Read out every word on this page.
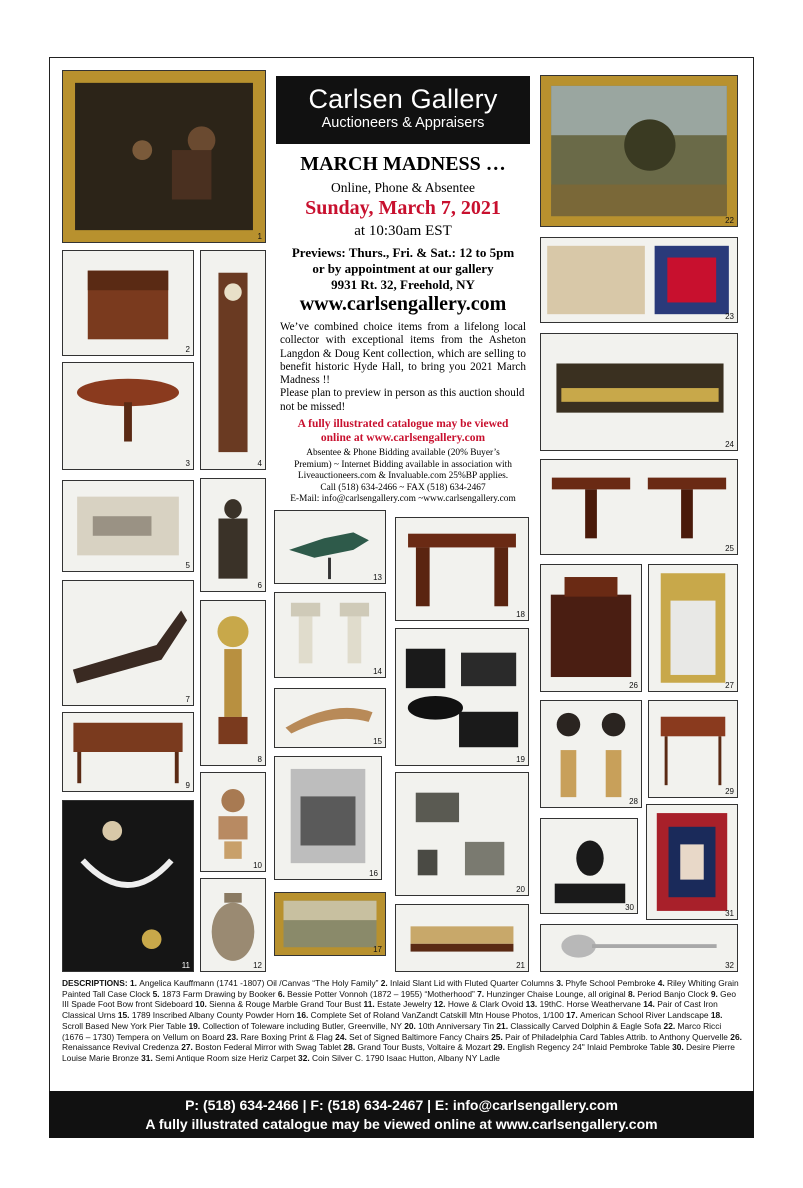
Carlsen Gallery
Auctioneers & Appraisers
MARCH MADNESS …
Online, Phone & Absentee
Sunday, March 7, 2021
at 10:30am EST
Previews: Thurs., Fri. & Sat.: 12 to 5pm
or by appointment at our gallery
9931 Rt. 32, Freehold, NY
www.carlsengallery.com

We’ve combined choice items from a lifelong local collector with exceptional items from the Asheton Langdon & Doug Kent collection, which are selling to benefit historic Hyde Hall, to bring you 2021 March Madness !!

Please plan to preview in person as this auction should not be missed!

A fully illustrated catalogue may be viewed
online at www.carlsengallery.com
Absentee & Phone Bidding available (20% Buyer’s
Premium) ~ Internet Bidding available in association with
Liveauctioneers.com & Invaluable.com 25%BP applies.
Call (518) 634-2466 ~ FAX (518) 634-2467
E-Mail: info@carlsengallery.com ~www.carlsengallery.com
1
22
2
4
3
23
24
5
6
13
18
25
7
8
14
19
26	27
15
9
28
29
16
20
10
11
30
31
12
17
21	32
DESCRIPTIONS: 1. Angelica Kauffmann (1741 -1807) Oil /Canvas “The Holy Family” 2. Inlaid Slant Lid with Fluted Quarter Columns 3. Phyfe School Pembroke 4. Riley Whiting Grain Painted Tall Case Clock 5. 1873 Farm Drawing by Booker 6. Bessie Potter Vonnoh (1872 – 1955) “Motherhood” 7. Hunzinger Chaise Lounge, all original 8. Period Banjo Clock 9. Geo III Spade Foot Bow front Sideboard 10. Sienna & Rouge Marble Grand Tour Bust 11. Estate Jewelry 12. Howe & Clark Ovoid 13. 19thC. Horse Weathervane 14. Pair of Cast Iron Classical Urns 15. 1789 Inscribed Albany County Powder Horn 16. Complete Set of Roland VanZandt Catskill Mtn House Photos, 1/100 17. American School River Landscape 18. Scroll Based New York Pier Table 19. Collection of Toleware including Butler, Greenville, NY 20. 10th Anniversary Tin 21. Classically Carved Dolphin & Eagle Sofa 22. Marco Ricci (1676 – 1730) Tempera on Vellum on Board 23. Rare Boxing Print & Flag 24. Set of Signed Baltimore Fancy Chairs 25. Pair of Philadelphia Card Tables Attrib. to Anthony Quervelle 26. Renaissance Revival Credenza 27. Boston Federal Mirror with Swag Tablet 28. Grand Tour Busts, Voltaire & Mozart 29. English Regency 24" Inlaid Pembroke Table 30. Desire Pierre Louise Marie Bronze 31. Semi Antique Room size Heriz Carpet 32. Coin Silver C. 1790 Isaac Hutton, Albany NY Ladle
P: (518) 634-2466 | F: (518) 634-2467 | E: info@carlsengallery.com
A fully illustrated catalogue may be viewed online at www.carlsengallery.com
